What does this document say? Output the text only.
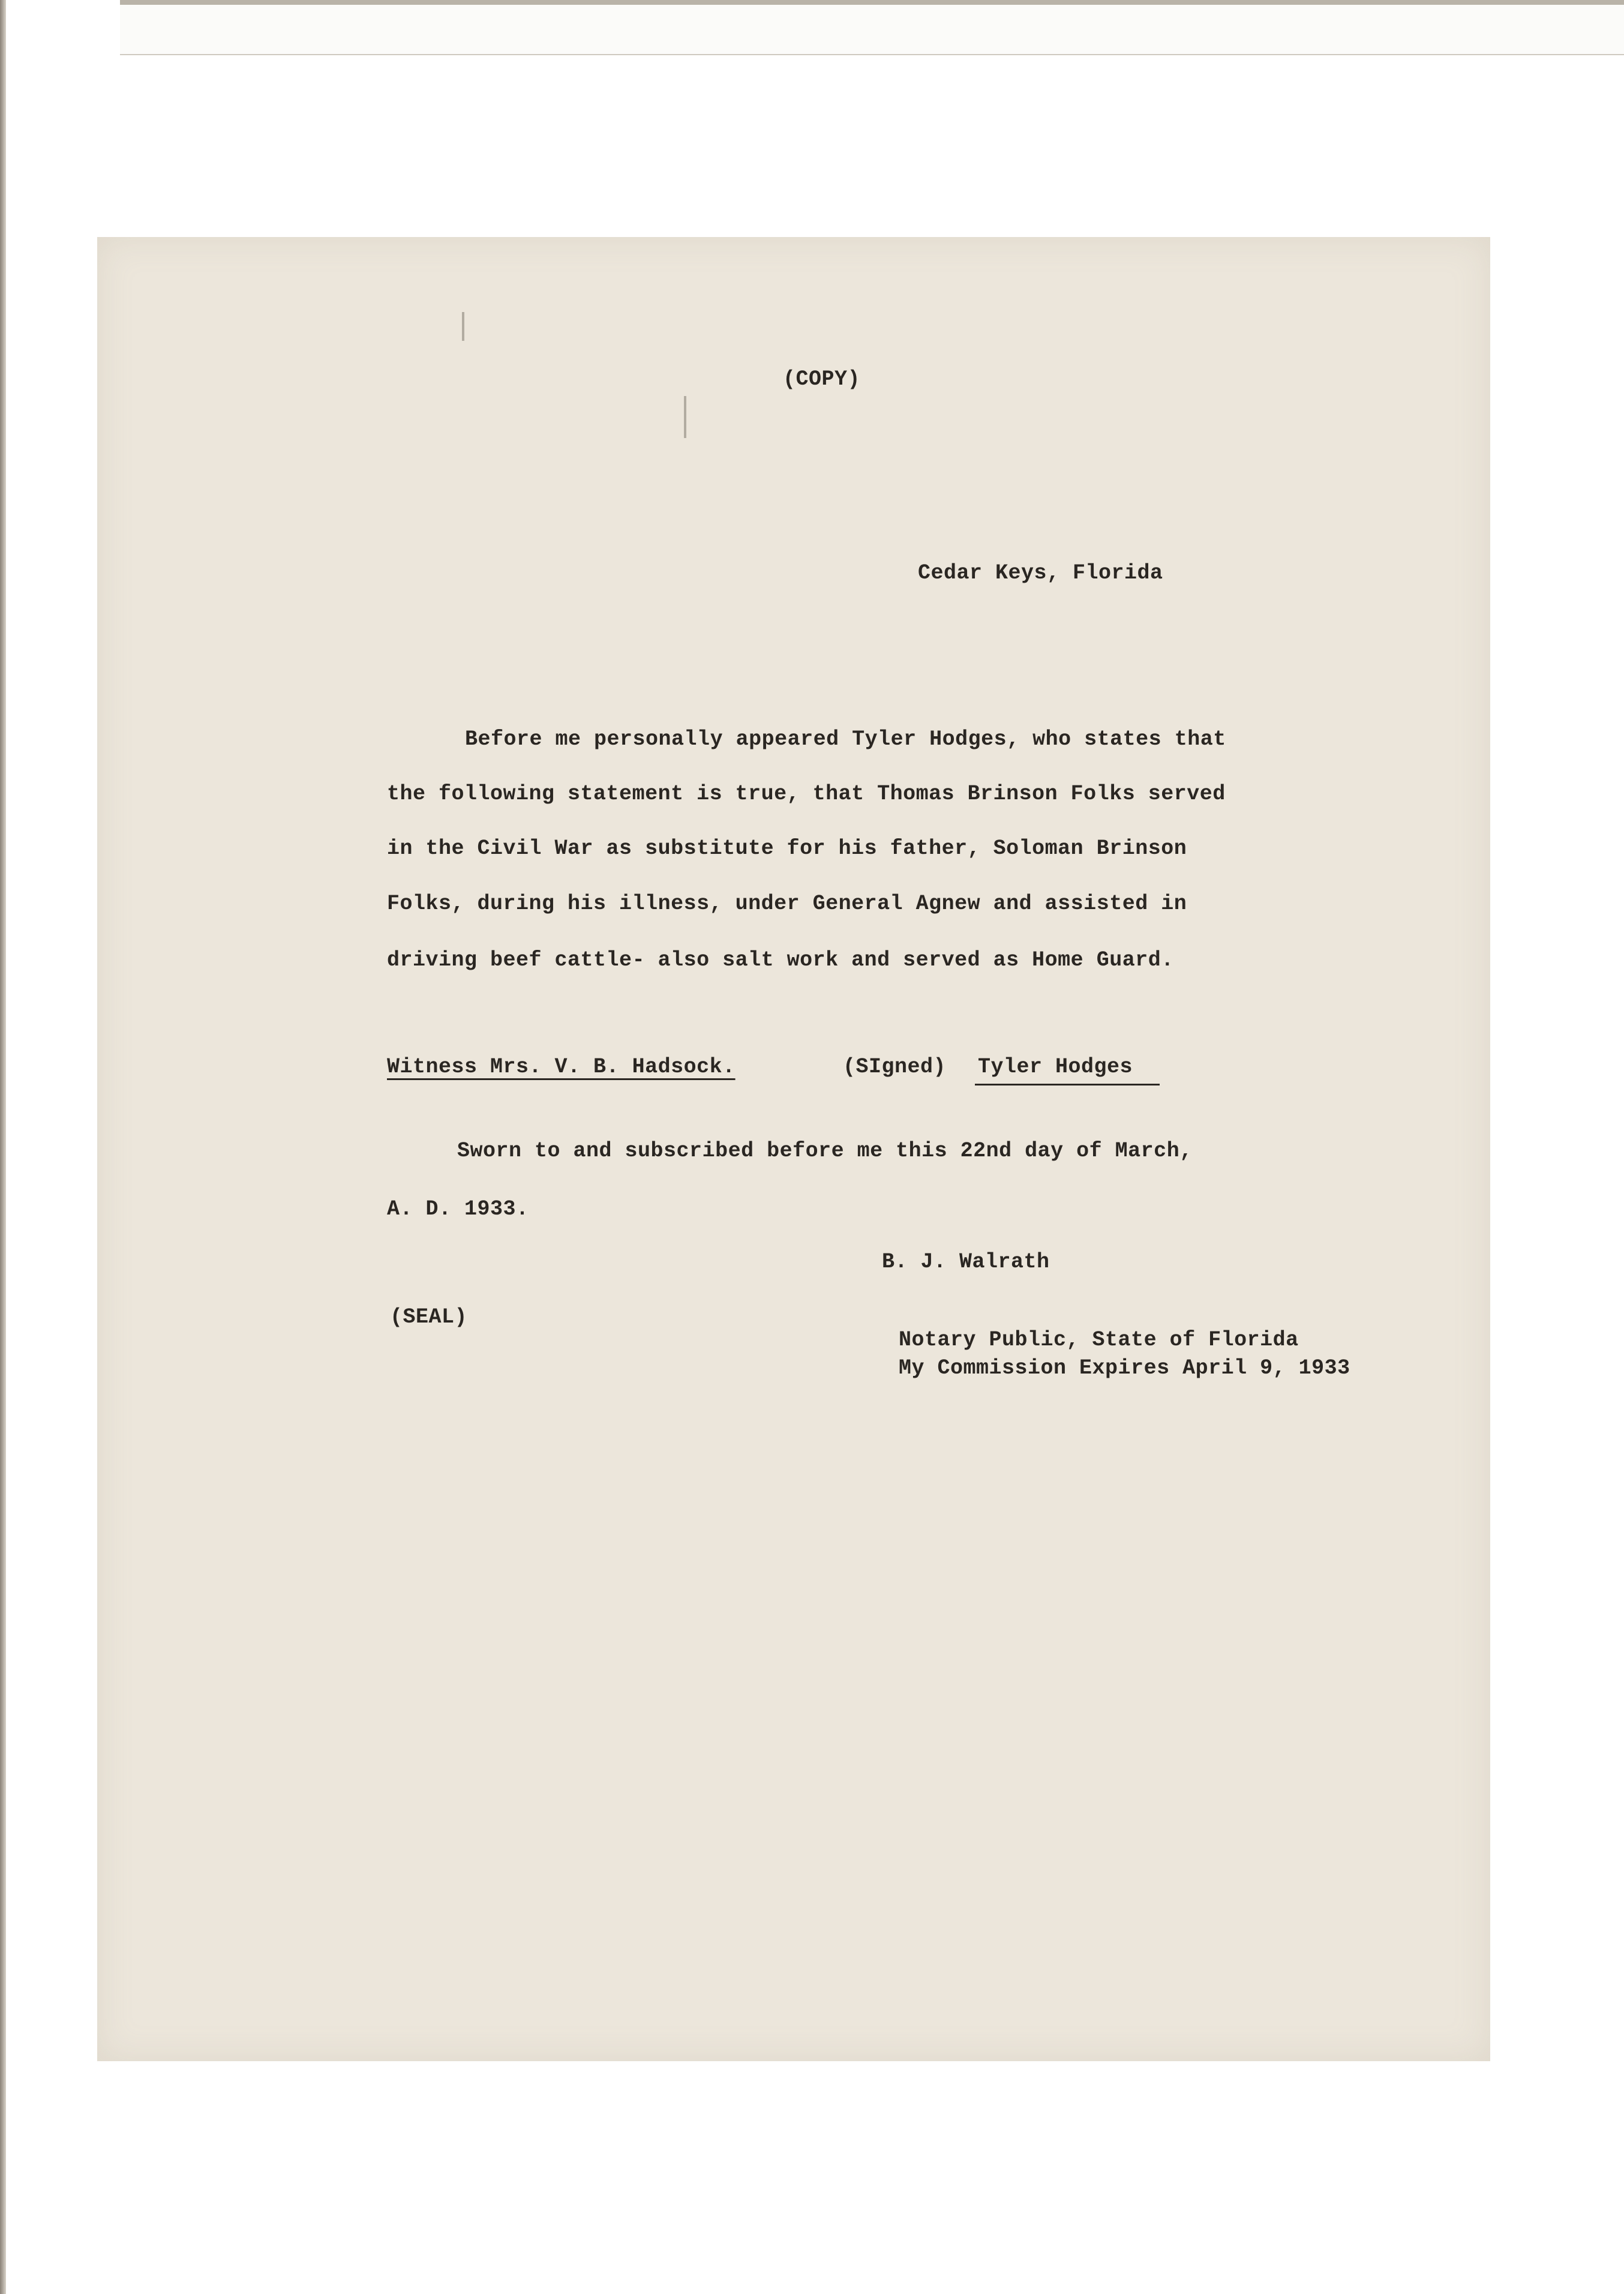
(COPY)

Cedar Keys, Florida

Before me personally appeared Tyler Hodges, who states that

the following statement is true, that Thomas Brinson Folks served

in the Civil War as substitute for his father, Soloman Brinson

Folks, during his illness, under General Agnew and assisted in

driving beef cattle- also salt work and served as Home Guard.

Witness Mrs. V. B. Hadsock.	(SIgned) Tyler Hodges

Sworn to and subscribed before me this 22nd day of March,

A. D. 1933.

B. J. Walrath

(SEAL)

Notary Public, State of Florida

My Commission Expires April 9, 1933
